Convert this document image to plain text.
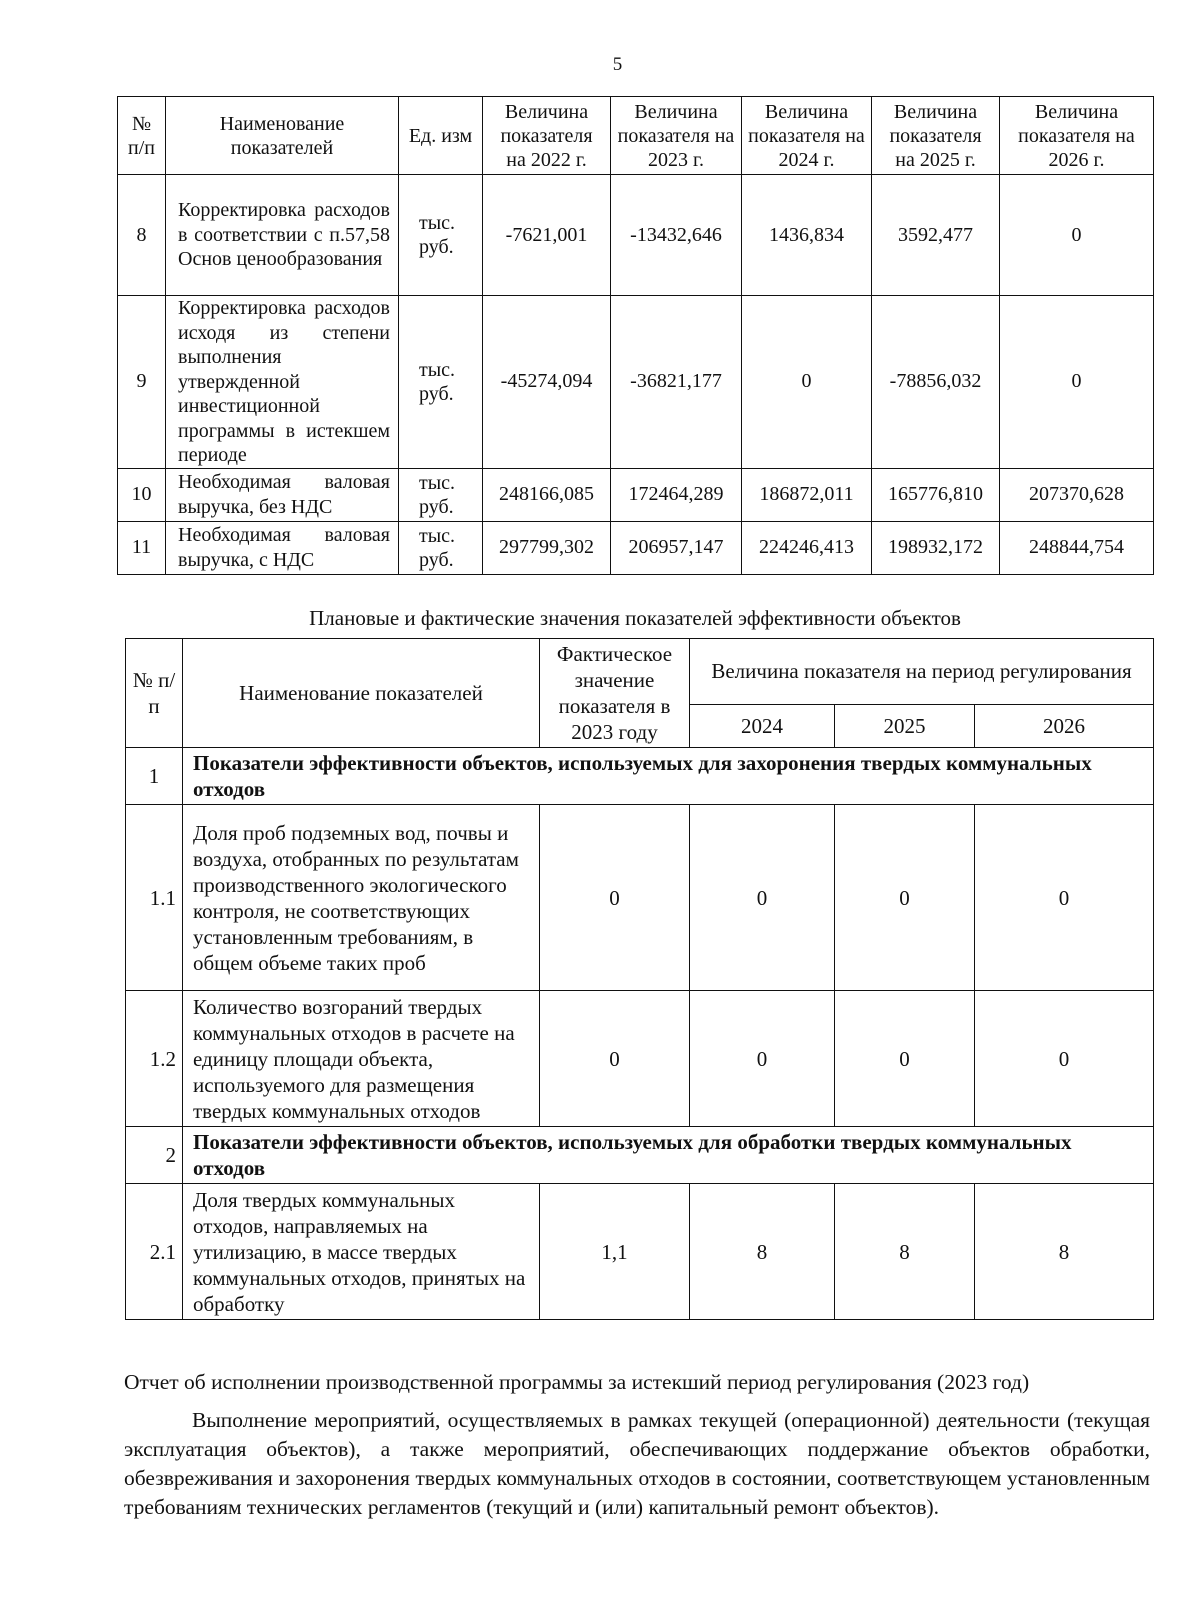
5
№ п/п	Наименование показателей	Ед. изм	Величина показателя на 2022 г.	Величина показателя на 2023 г.	Величина показателя на 2024 г.	Величина показателя на 2025 г.	Величина показателя на 2026 г.
8	Корректировка расходов в соответствии с п.57,58 Основ ценообразования	тыс. руб.	-7621,001	-13432,646	1436,834	3592,477	0
9	Корректировка расходов исходя из степени выполнения утвержденной инвестиционной программы в истекшем периоде	тыс. руб.	-45274,094	-36821,177	0	-78856,032	0
10	Необходимая валовая выручка, без НДС	тыс. руб.	248166,085	172464,289	186872,011	165776,810	207370,628
11	Необходимая валовая выручка, с НДС	тыс. руб.	297799,302	206957,147	224246,413	198932,172	248844,754
Плановые и фактические значения показателей эффективности объектов
№ п/п	Наименование показателей	Фактическое значение показателя в 2023 году	Величина показателя на период регулирования		
			2024	2025	2026
1	Показатели эффективности объектов, используемых для захоронения твердых коммунальных отходов				
1.1	Доля проб подземных вод, почвы и воздуха, отобранных по результатам производственного экологического контроля, не соответствующих установленным требованиям, в общем объеме таких проб	0	0	0	0
1.2	Количество возгораний твердых коммунальных отходов в расчете на единицу площади объекта, используемого для размещения твердых коммунальных отходов	0	0	0	0
2	Показатели эффективности объектов, используемых для обработки твердых коммунальных отходов				
2.1	Доля твердых коммунальных отходов, направляемых на утилизацию, в массе твердых коммунальных отходов, принятых на обработку	1,1	8	8	8
Отчет об исполнении производственной программы за истекший период регулирования (2023 год)

Выполнение мероприятий, осуществляемых в рамках текущей (операционной) деятельности (текущая эксплуатация объектов), а также мероприятий, обеспечивающих поддержание объектов обработки, обезвреживания и захоронения твердых коммунальных отходов в состоянии, соответствующем установленным требованиям технических регламентов (текущий и (или) капитальный ремонт объектов).
